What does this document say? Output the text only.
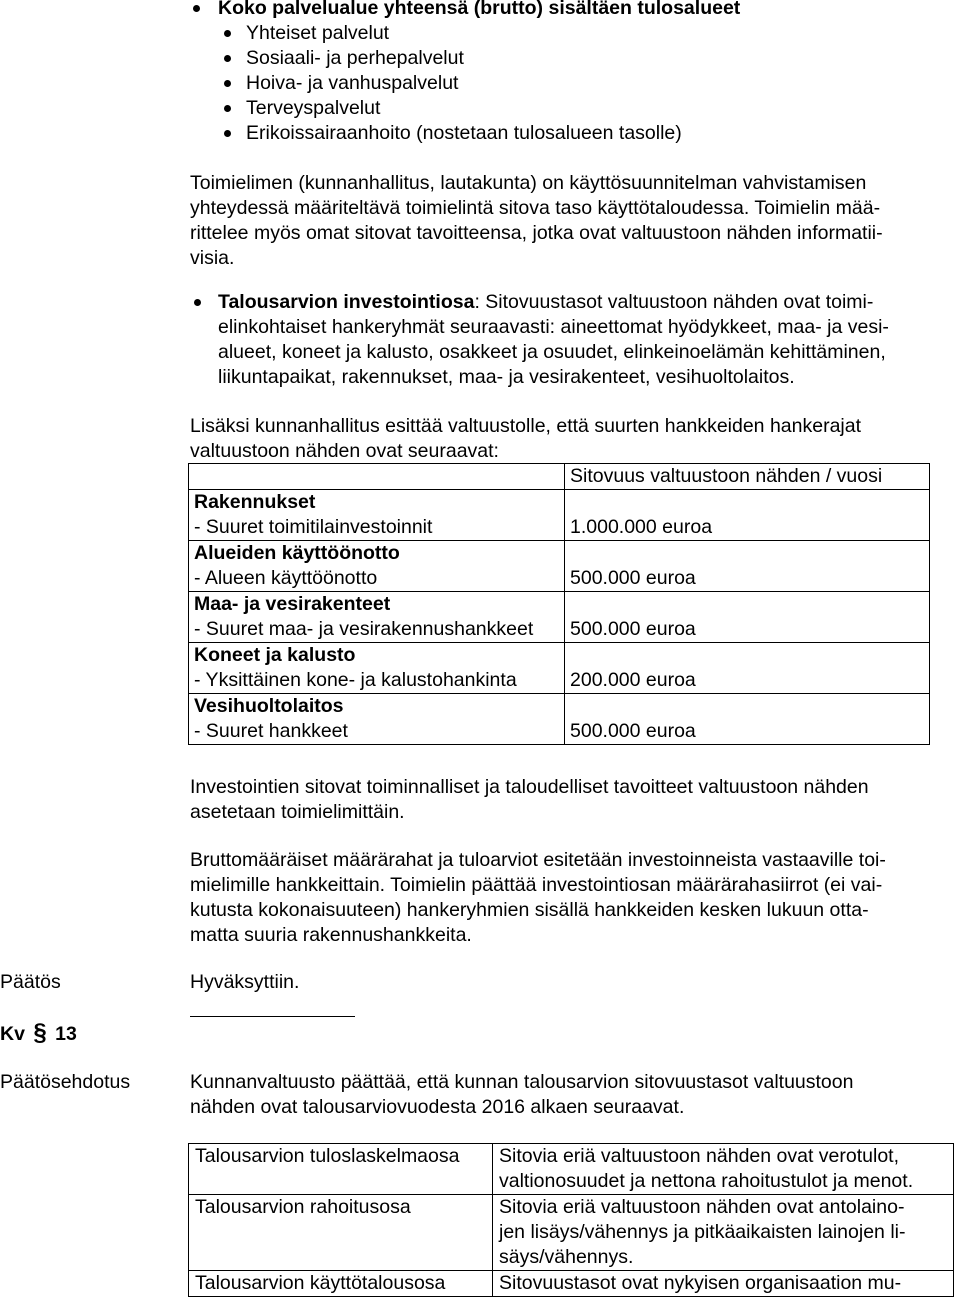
Koko palvelualue yhteensä (brutto) sisältäen tulosalueet
Yhteiset palvelut
Sosiaali- ja perhepalvelut
Hoiva- ja vanhuspalvelut
Terveyspalvelut
Erikoissairaanhoito (nostetaan tulosalueen tasolle)
Toimielimen (kunnanhallitus, lautakunta) on käyttösuunnitelman vahvistamisen
yhteydessä määriteltävä toimielintä sitova taso käyttötaloudessa. Toimielin mää-
rittelee myös omat sitovat tavoitteensa, jotka ovat valtuustoon nähden informatii-
visia.
Talousarvion investointiosa: Sitovuustasot valtuustoon nähden ovat toimi-
elinkohtaiset hankeryhmät seuraavasti: aineettomat hyödykkeet, maa- ja vesi-
alueet, koneet ja kalusto, osakkeet ja osuudet, elinkeinoelämän kehittäminen,
liikuntapaikat, rakennukset, maa- ja vesirakenteet, vesihuoltolaitos.
Lisäksi kunnanhallitus esittää valtuustolle, että suurten hankkeiden hankerajat
valtuustoon nähden ovat seuraavat:
	Sitovuus valtuustoon nähden / vuosi
Rakennukset
- Suuret toimitilainvestoinnit	1.000.000 euroa
Alueiden käyttöönotto
- Alueen käyttöönotto	500.000 euroa
Maa- ja vesirakenteet
- Suuret maa- ja vesirakennushankkeet	500.000 euroa
Koneet ja kalusto
- Yksittäinen kone- ja kalustohankinta	200.000 euroa
Vesihuoltolaitos
- Suuret hankkeet	500.000 euroa
Investointien sitovat toiminnalliset ja taloudelliset tavoitteet valtuustoon nähden
asetetaan toimielimittäin.
Bruttomääräiset määrärahat ja tuloarviot esitetään investoinneista vastaaville toi-
mielimille hankkeittain. Toimielin päättää investointiosan määrärahasiirrot (ei vai-
kutusta kokonaisuuteen) hankeryhmien sisällä hankkeiden kesken lukuun otta-
matta suuria rakennushankkeita.
Päätös	Hyväksyttiin.
Kv § 13
Päätösehdotus	Kunnanvaltuusto päättää, että kunnan talousarvion sitovuustasot valtuustoon
nähden ovat talousarviovuodesta 2016 alkaen seuraavat.
Talousarvion tuloslaskelmaosa	Sitovia eriä valtuustoon nähden ovat verotulot,
valtionosuudet ja nettona rahoitustulot ja menot.

Talousarvion rahoitusosa	Sitovia eriä valtuustoon nähden ovat antolaino-
jen lisäys/vähennys ja pitkäaikaisten lainojen li-
säys/vähennys.

Talousarvion käyttötalousosa	Sitovuustasot ovat nykyisen organisaation mu-
